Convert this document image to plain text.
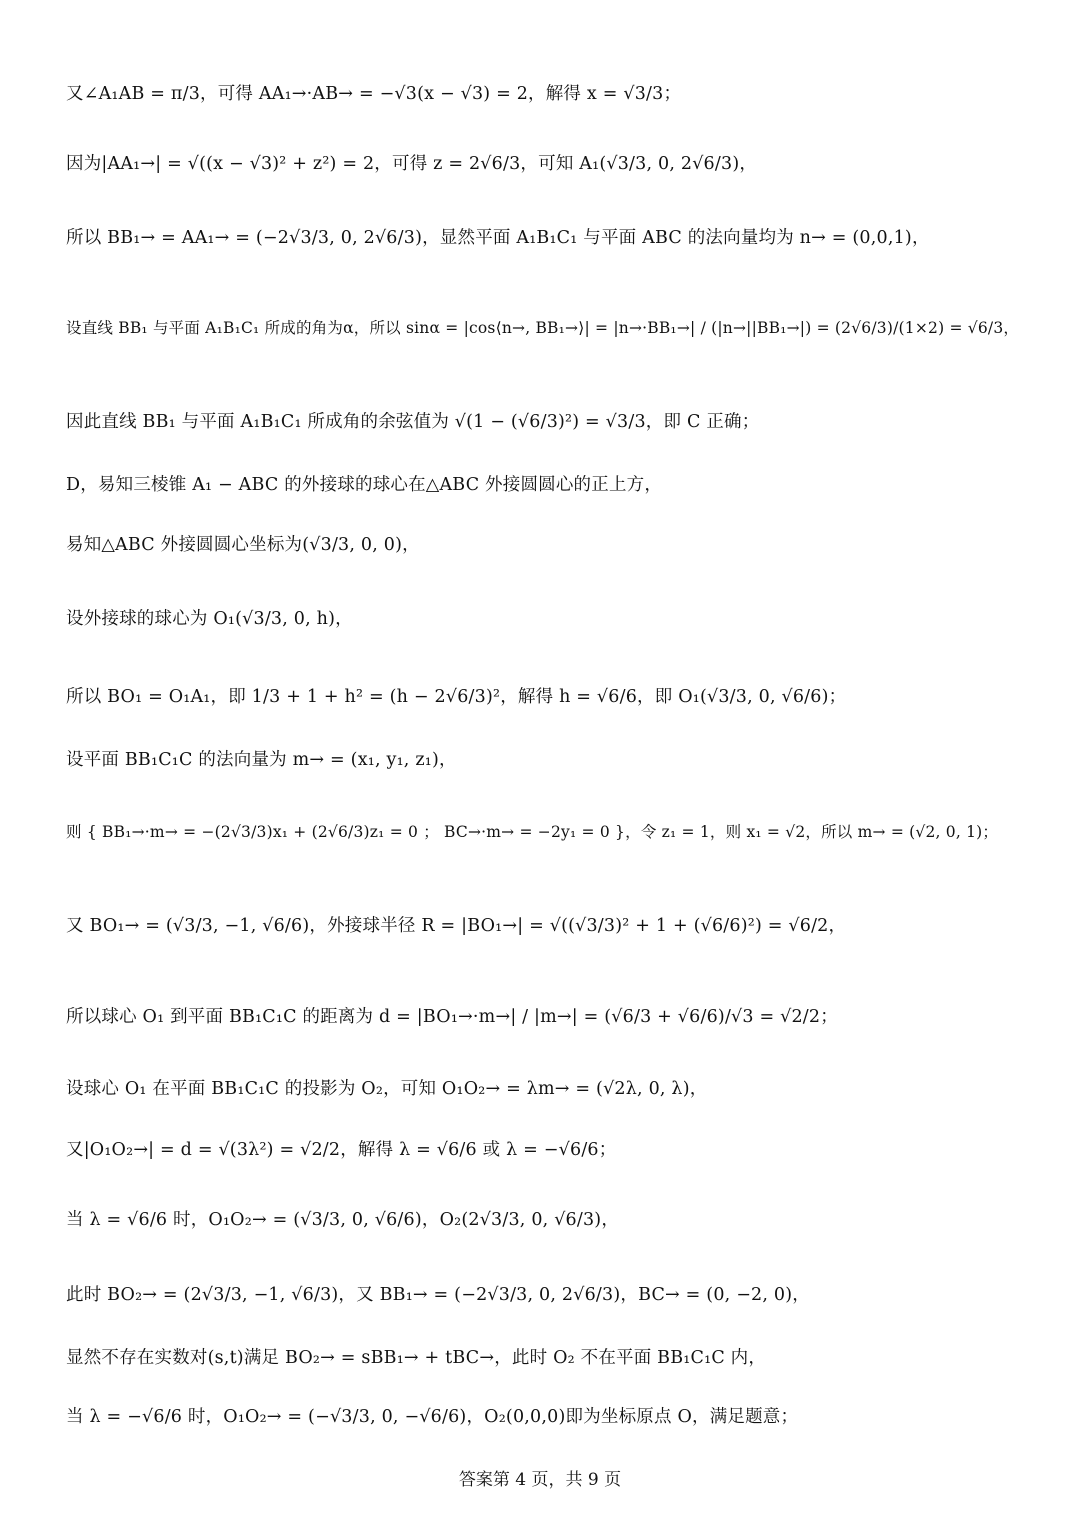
又∠A₁AB = π/3，可得 AA₁→·AB→ = −√3(x − √3) = 2，解得 x = √3/3；
因为|AA₁→| = √((x − √3)² + z²) = 2，可得 z = 2√6/3，可知 A₁(√3/3, 0, 2√6/3)，
所以 BB₁→ = AA₁→ = (−2√3/3, 0, 2√6/3)，显然平面 A₁B₁C₁ 与平面 ABC 的法向量均为 n→ = (0,0,1)，
设直线 BB₁ 与平面 A₁B₁C₁ 所成的角为α，所以 sinα = |cos⟨n→, BB₁→⟩| = |n→·BB₁→| / (|n→||BB₁→|) = (2√6/3)/(1×2) = √6/3，
因此直线 BB₁ 与平面 A₁B₁C₁ 所成角的余弦值为 √(1 − (√6/3)²) = √3/3，即 C 正确；
D，易知三棱锥 A₁ − ABC 的外接球的球心在△ABC 外接圆圆心的正上方，
易知△ABC 外接圆圆心坐标为(√3/3, 0, 0)，
设外接球的球心为 O₁(√3/3, 0, h)，
所以 BO₁ = O₁A₁，即 1/3 + 1 + h² = (h − 2√6/3)²，解得 h = √6/6，即 O₁(√3/3, 0, √6/6)；
设平面 BB₁C₁C 的法向量为 m→ = (x₁, y₁, z₁)，
则 { BB₁→·m→ = −(2√3/3)x₁ + (2√6/3)z₁ = 0 ； BC→·m→ = −2y₁ = 0 }，令 z₁ = 1，则 x₁ = √2，所以 m→ = (√2, 0, 1)；
又 BO₁→ = (√3/3, −1, √6/6)，外接球半径 R = |BO₁→| = √((√3/3)² + 1 + (√6/6)²) = √6/2，
所以球心 O₁ 到平面 BB₁C₁C 的距离为 d = |BO₁→·m→| / |m→| = (√6/3 + √6/6)/√3 = √2/2；
设球心 O₁ 在平面 BB₁C₁C 的投影为 O₂，可知 O₁O₂→ = λm→ = (√2λ, 0, λ)，
又|O₁O₂→| = d = √(3λ²) = √2/2，解得 λ = √6/6 或 λ = −√6/6；
当 λ = √6/6 时，O₁O₂→ = (√3/3, 0, √6/6)，O₂(2√3/3, 0, √6/3)，
此时 BO₂→ = (2√3/3, −1, √6/3)，又 BB₁→ = (−2√3/3, 0, 2√6/3)，BC→ = (0, −2, 0)，
显然不存在实数对(s,t)满足 BO₂→ = sBB₁→ + tBC→，此时 O₂ 不在平面 BB₁C₁C 内，
当 λ = −√6/6 时，O₁O₂→ = (−√3/3, 0, −√6/6)，O₂(0,0,0)即为坐标原点 O，满足题意；
答案第 4 页，共 9 页
